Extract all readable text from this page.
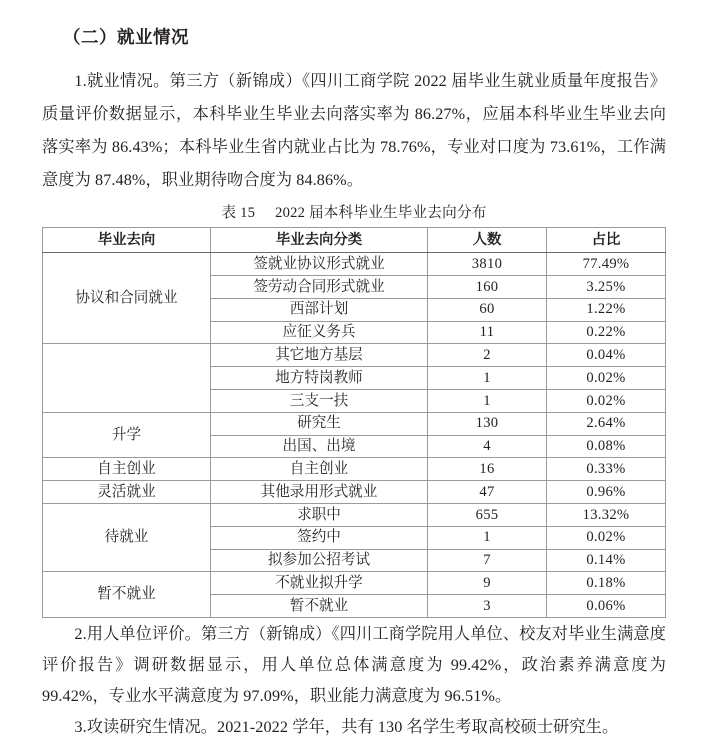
（二）就业情况

1.就业情况。第三方（新锦成）《四川工商学院 2022 届毕业生就业质量年度报告》质量评价数据显示，本科毕业生毕业去向落实率为 86.27%，应届本科毕业生毕业去向落实率为 86.43%；本科毕业生省内就业占比为 78.76%，专业对口度为 73.61%，工作满意度为 87.48%，职业期待吻合度为 84.86%。

表 15 2022 届本科毕业生毕业去向分布
毕业去向	毕业去向分类	人数	占比
协议和合同就业	签就业协议形式就业	3810	77.49%
	签劳动合同形式就业	160	3.25%
	西部计划	60	1.22%
	应征义务兵	11	0.22%
	其它地方基层	2	0.04%
	地方特岗教师	1	0.02%
	三支一扶	1	0.02%
升学	研究生	130	2.64%
	出国、出境	4	0.08%
自主创业	自主创业	16	0.33%
灵活就业	其他录用形式就业	47	0.96%
待就业	求职中	655	13.32%
	签约中	1	0.02%
	拟参加公招考试	7	0.14%
暂不就业	不就业拟升学	9	0.18%
	暂不就业	3	0.06%

2.用人单位评价。第三方（新锦成）《四川工商学院用人单位、校友对毕业生满意度评价报告》调研数据显示，用人单位总体满意度为 99.42%，政治素养满意度为 99.42%，专业水平满意度为 97.09%，职业能力满意度为 96.51%。

3.攻读研究生情况。2021-2022 学年，共有 130 名学生考取高校硕士研究生。
